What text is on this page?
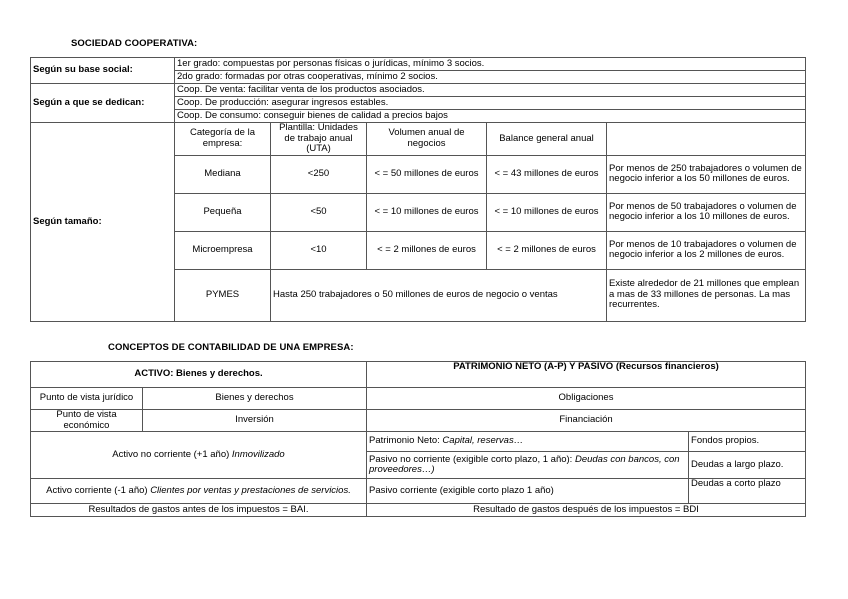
SOCIEDAD COOPERATIVA:
Según su base social:	1er grado: compuestas por personas físicas o jurídicas, mínimo 3 socios.				
	2do grado: formadas por otras cooperativas, mínimo 2 socios.				
Según a que se dedican:	Coop. De venta: facilitar venta de los productos asociados.				
	Coop. De producción: asegurar ingresos estables.				
	Coop. De consumo: conseguir bienes de calidad a precios bajos				
Según tamaño:	Categoría de la empresa:	Plantilla: Unidades de trabajo anual (UTA)	Volumen anual de negocios	Balance general anual	
	Mediana	<250	< = 50 millones de euros	< = 43 millones de euros	Por menos de 250 trabajadores o volumen de negocio inferior a los 50 millones de euros.
	Pequeña	<50	< = 10 millones de euros	< = 10 millones de euros	Por menos de 50 trabajadores o volumen de negocio inferior a los 10 millones de euros.
	Microempresa	<10	< = 2 millones de euros	< = 2 millones de euros	Por menos de 10 trabajadores o volumen de negocio inferior a los 2 millones de euros.
	PYMES	Hasta 250 trabajadores o 50 millones de euros de negocio o ventas			Existe alrededor de 21 millones que emplean a mas de 33 millones de personas. La mas recurrentes.
CONCEPTOS DE CONTABILIDAD DE UNA EMPRESA:
ACTIVO: Bienes y derechos.		PATRIMONIO NETO (A-P) Y PASIVO (Recursos financieros)	
Punto de vista jurídico	Bienes y derechos	Obligaciones	
Punto de vista económico	Inversión	Financiación	
Activo no corriente (+1 año) Inmovilizado		Patrimonio Neto: Capital, reservas…	Fondos propios.
		Pasivo no corriente (exigible corto plazo, 1 año): Deudas con bancos, con proveedores…)	Deudas a largo plazo.
Activo corriente (-1 año) Clientes por ventas y prestaciones de servicios.		Pasivo corriente (exigible corto plazo 1 año)	Deudas a corto plazo
Resultados de gastos antes de los impuestos = BAI.		Resultado de gastos después de los impuestos = BDI	
